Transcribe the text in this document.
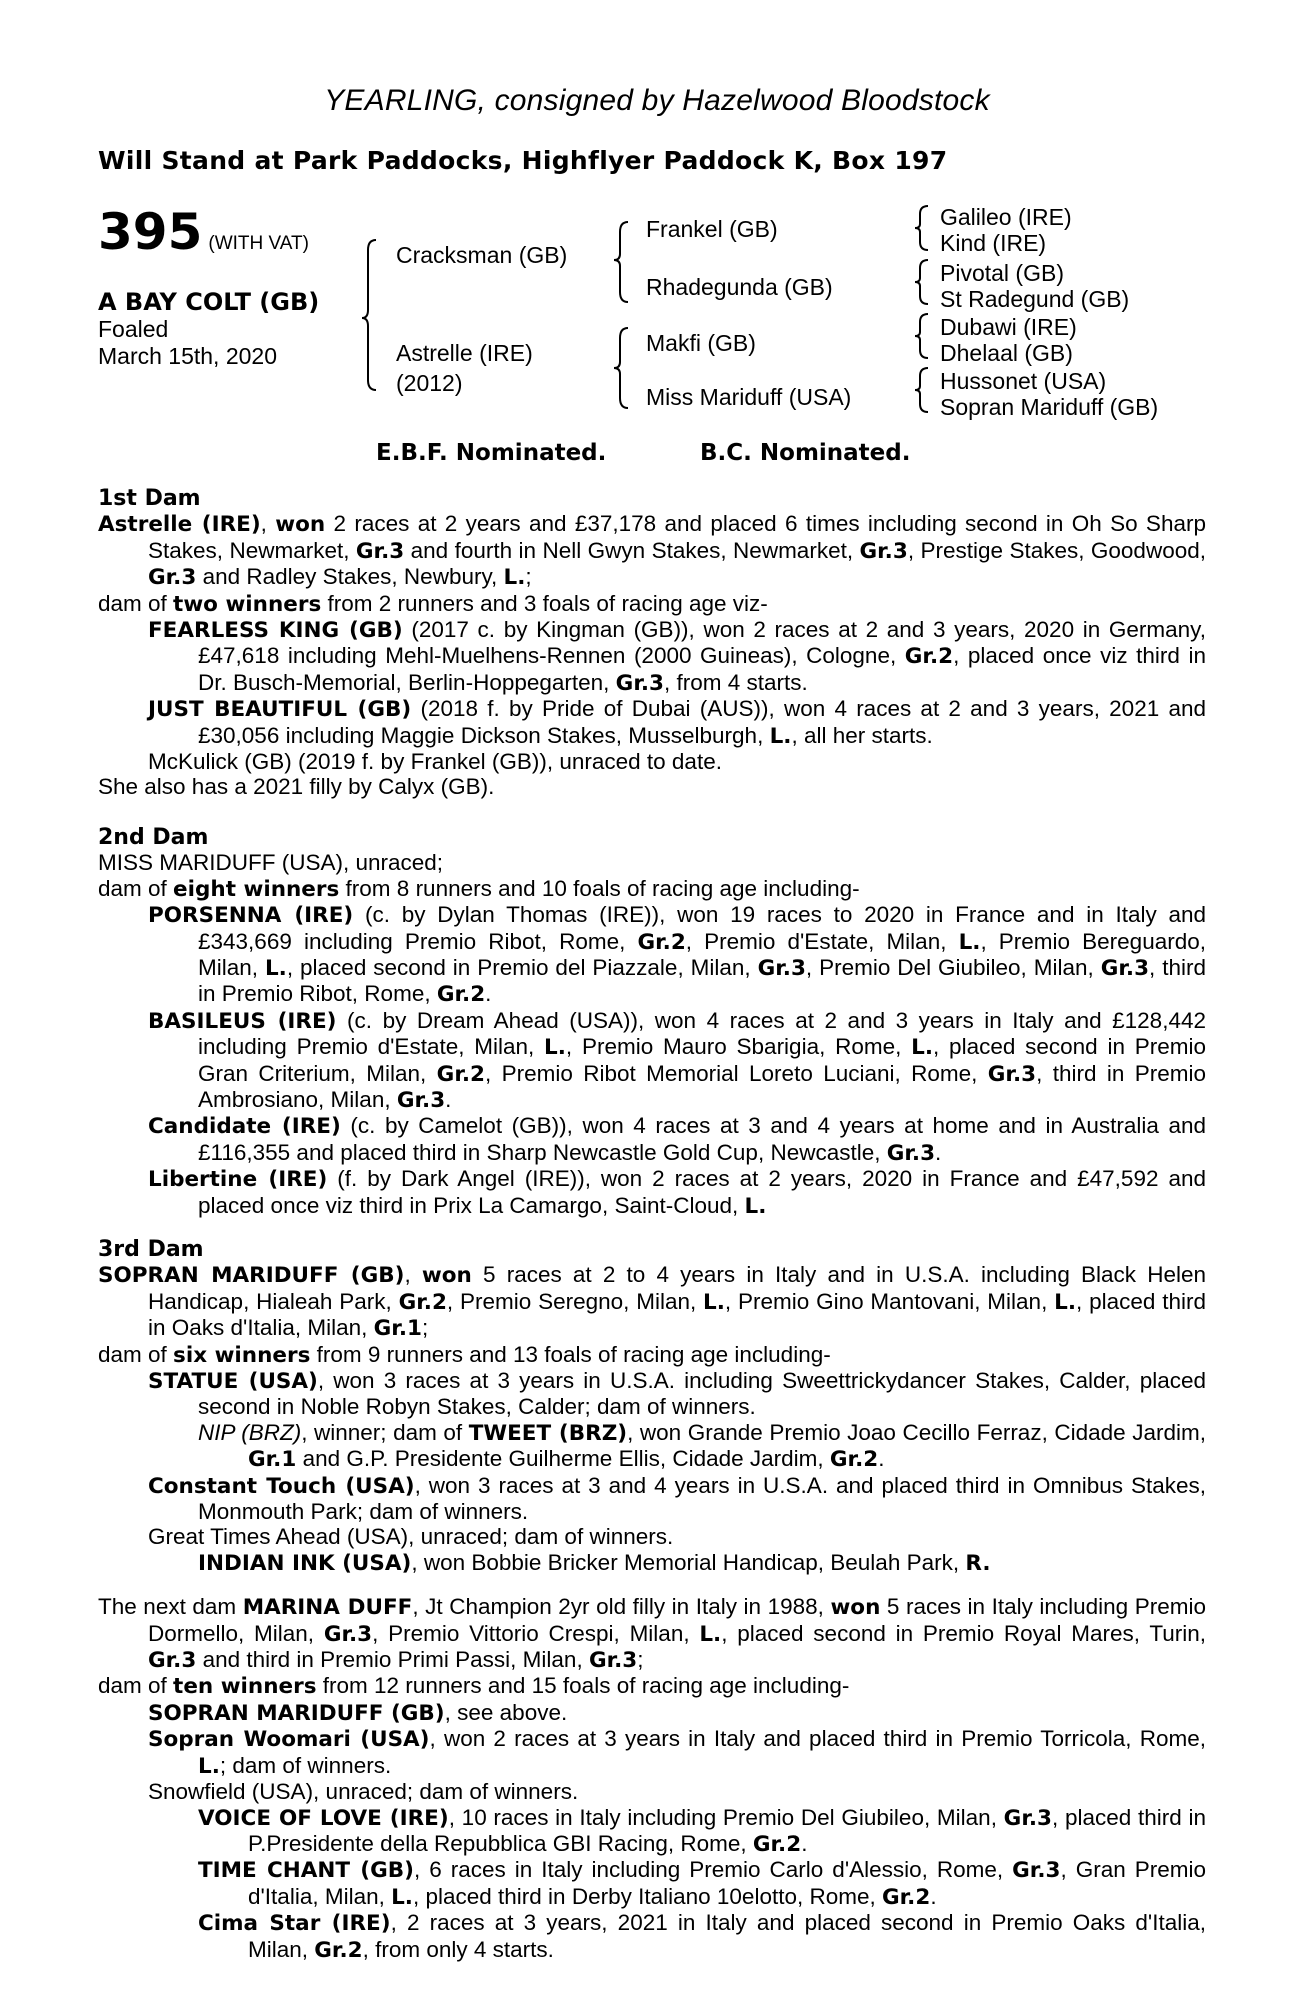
YEARLING, consigned by Hazelwood Bloodstock
Will Stand at Park Paddocks, Highflyer Paddock K, Box 197
395 (WITH VAT)
A BAY COLT (GB)
Foaled
March 15th, 2020
Cracksman (GB)
Astrelle (IRE)
(2012)
Frankel (GB)
Rhadegunda (GB)
Makfi (GB)
Miss Mariduff (USA)
Galileo (IRE)
Kind (IRE)
Pivotal (GB)
St Radegund (GB)
Dubawi (IRE)
Dhelaal (GB)
Hussonet (USA)
Sopran Mariduff (GB)
E.B.F. Nominated.	B.C. Nominated.

1st Dam

Astrelle (IRE), won 2 races at 2 years and £37,178 and placed 6 times including second in Oh So Sharp Stakes, Newmarket, Gr.3 and fourth in Nell Gwyn Stakes, Newmarket, Gr.3, Prestige Stakes, Goodwood, Gr.3 and Radley Stakes, Newbury, L.;

dam of two winners from 2 runners and 3 foals of racing age viz-

FEARLESS KING (GB) (2017 c. by Kingman (GB)), won 2 races at 2 and 3 years, 2020 in Germany, £47,618 including Mehl-Muelhens-Rennen (2000 Guineas), Cologne, Gr.2, placed once viz third in Dr. Busch-Memorial, Berlin-Hoppegarten, Gr.3, from 4 starts.

JUST BEAUTIFUL (GB) (2018 f. by Pride of Dubai (AUS)), won 4 races at 2 and 3 years, 2021 and £30,056 including Maggie Dickson Stakes, Musselburgh, L., all her starts.

McKulick (GB) (2019 f. by Frankel (GB)), unraced to date.

She also has a 2021 filly by Calyx (GB).

2nd Dam

MISS MARIDUFF (USA), unraced;

dam of eight winners from 8 runners and 10 foals of racing age including-

PORSENNA (IRE) (c. by Dylan Thomas (IRE)), won 19 races to 2020 in France and in Italy and £343,669 including Premio Ribot, Rome, Gr.2, Premio d'Estate, Milan, L., Premio Bereguardo, Milan, L., placed second in Premio del Piazzale, Milan, Gr.3, Premio Del Giubileo, Milan, Gr.3, third in Premio Ribot, Rome, Gr.2.

BASILEUS (IRE) (c. by Dream Ahead (USA)), won 4 races at 2 and 3 years in Italy and £128,442 including Premio d'Estate, Milan, L., Premio Mauro Sbarigia, Rome, L., placed second in Premio Gran Criterium, Milan, Gr.2, Premio Ribot Memorial Loreto Luciani, Rome, Gr.3, third in Premio Ambrosiano, Milan, Gr.3.

Candidate (IRE) (c. by Camelot (GB)), won 4 races at 3 and 4 years at home and in Australia and £116,355 and placed third in Sharp Newcastle Gold Cup, Newcastle, Gr.3.

Libertine (IRE) (f. by Dark Angel (IRE)), won 2 races at 2 years, 2020 in France and £47,592 and placed once viz third in Prix La Camargo, Saint-Cloud, L.

3rd Dam

SOPRAN MARIDUFF (GB), won 5 races at 2 to 4 years in Italy and in U.S.A. including Black Helen Handicap, Hialeah Park, Gr.2, Premio Seregno, Milan, L., Premio Gino Mantovani, Milan, L., placed third in Oaks d'Italia, Milan, Gr.1;

dam of six winners from 9 runners and 13 foals of racing age including-

STATUE (USA), won 3 races at 3 years in U.S.A. including Sweettrickydancer Stakes, Calder, placed second in Noble Robyn Stakes, Calder; dam of winners.

NIP (BRZ), winner; dam of TWEET (BRZ), won Grande Premio Joao Cecillo Ferraz, Cidade Jardim, Gr.1 and G.P. Presidente Guilherme Ellis, Cidade Jardim, Gr.2.

Constant Touch (USA), won 3 races at 3 and 4 years in U.S.A. and placed third in Omnibus Stakes, Monmouth Park; dam of winners.

Great Times Ahead (USA), unraced; dam of winners.

INDIAN INK (USA), won Bobbie Bricker Memorial Handicap, Beulah Park, R.

The next dam MARINA DUFF, Jt Champion 2yr old filly in Italy in 1988, won 5 races in Italy including Premio Dormello, Milan, Gr.3, Premio Vittorio Crespi, Milan, L., placed second in Premio Royal Mares, Turin, Gr.3 and third in Premio Primi Passi, Milan, Gr.3;

dam of ten winners from 12 runners and 15 foals of racing age including-

SOPRAN MARIDUFF (GB), see above.

Sopran Woomari (USA), won 2 races at 3 years in Italy and placed third in Premio Torricola, Rome, L.; dam of winners.

Snowfield (USA), unraced; dam of winners.

VOICE OF LOVE (IRE), 10 races in Italy including Premio Del Giubileo, Milan, Gr.3, placed third in P.Presidente della Repubblica GBI Racing, Rome, Gr.2.

TIME CHANT (GB), 6 races in Italy including Premio Carlo d'Alessio, Rome, Gr.3, Gran Premio d'Italia, Milan, L., placed third in Derby Italiano 10elotto, Rome, Gr.2.

Cima Star (IRE), 2 races at 3 years, 2021 in Italy and placed second in Premio Oaks d'Italia, Milan, Gr.2, from only 4 starts.
